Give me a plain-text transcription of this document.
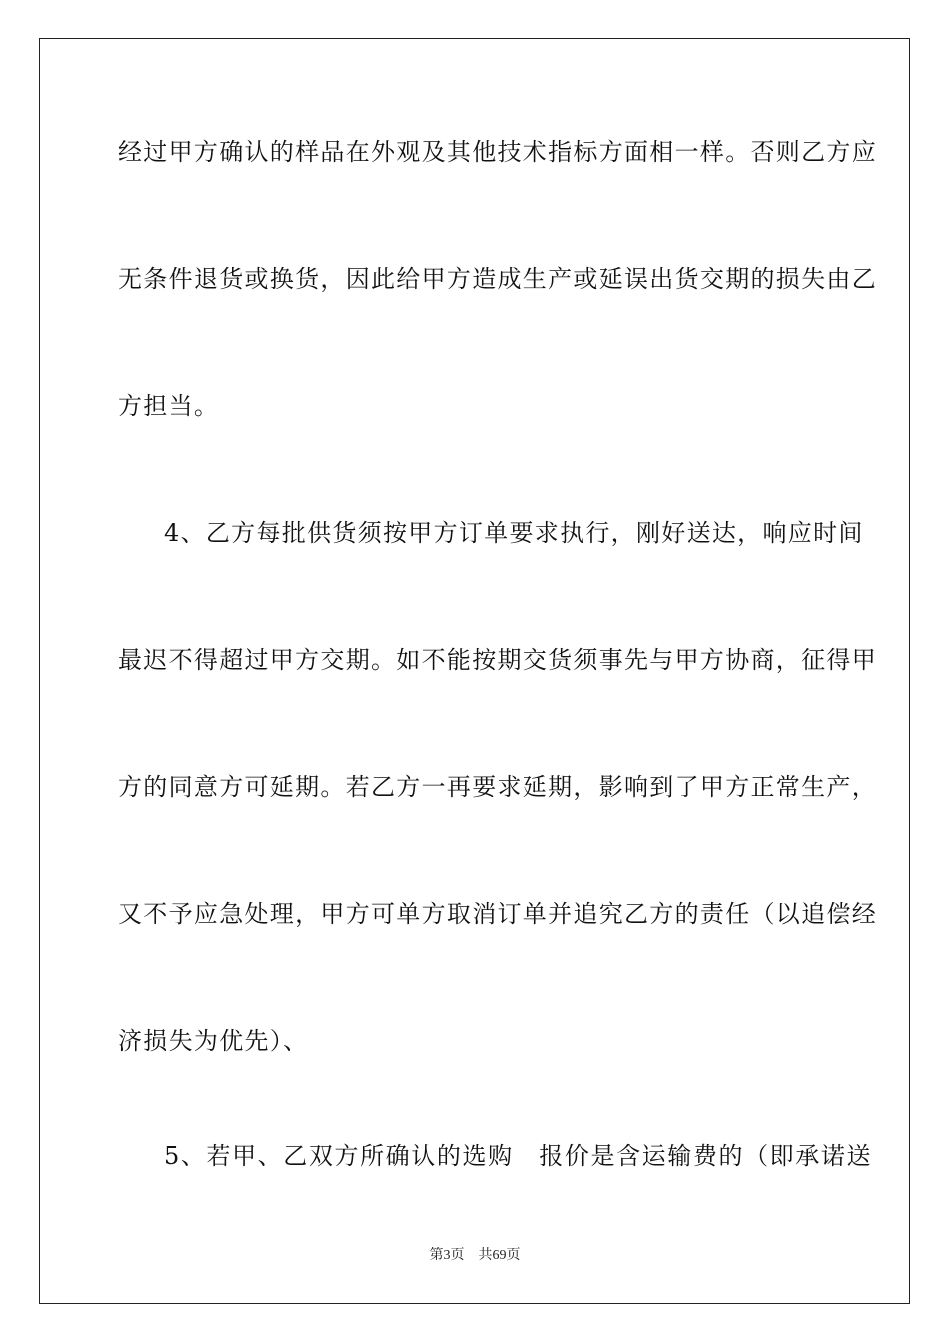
经过甲方确认的样品在外观及其他技术指标方面相一样。否则乙方应

无条件退货或换货，因此给甲方造成生产或延误出货交期的损失由乙

方担当。

4、乙方每批供货须按甲方订单要求执行，刚好送达，响应时间

最迟不得超过甲方交期。如不能按期交货须事先与甲方协商，征得甲

方的同意方可延期。若乙方一再要求延期，影响到了甲方正常生产，

又不予应急处理，甲方可单方取消订单并追究乙方的责任（以追偿经

济损失为优先）、

5、若甲、乙双方所确认的选购　报价是含运输费的（即承诺送

第3页 共69页
